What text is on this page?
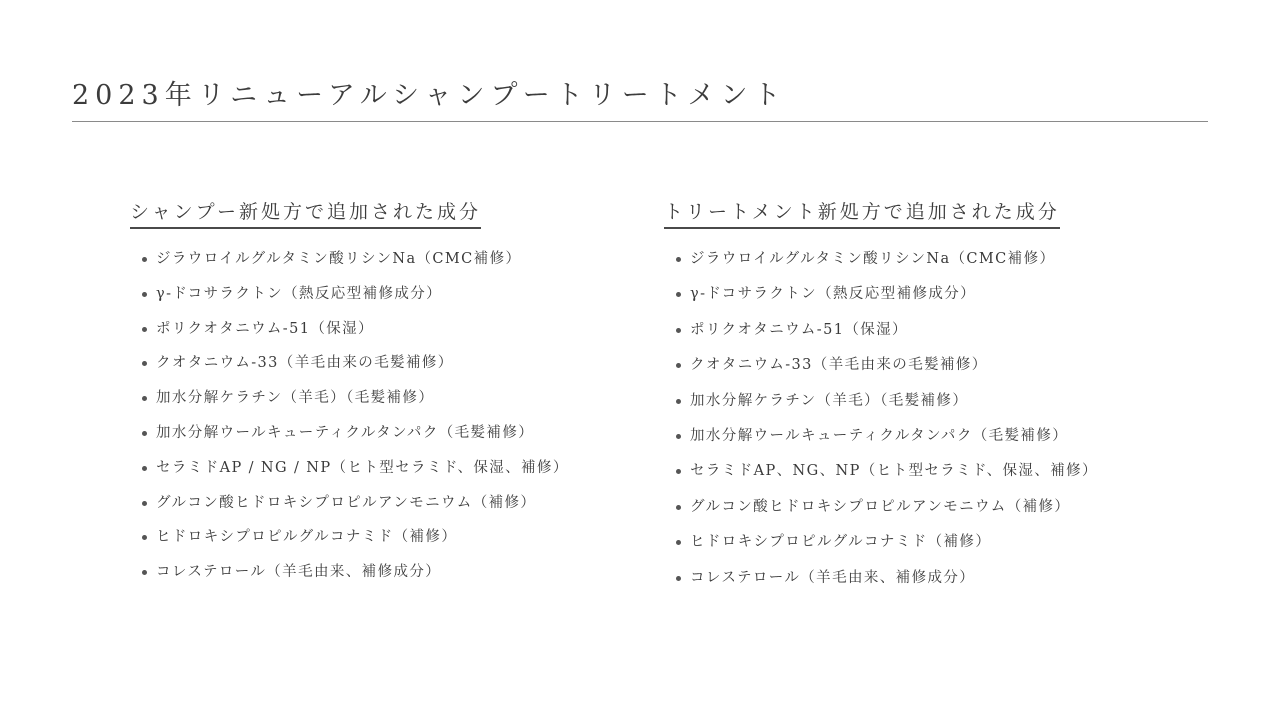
2023年リニューアルシャンプートリートメント
シャンプー新処方で追加された成分
ジラウロイルグルタミン酸リシンNa（CMC補修）
γ-ドコサラクトン（熱反応型補修成分）
ポリクオタニウム-51（保湿）
クオタニウム-33（羊毛由来の毛髪補修）
加水分解ケラチン（羊毛）（毛髪補修）
加水分解ウールキューティクルタンパク（毛髪補修）
セラミドAP / NG / NP（ヒト型セラミド、保湿、補修）
グルコン酸ヒドロキシプロピルアンモニウム（補修）
ヒドロキシプロピルグルコナミド（補修）
コレステロール（羊毛由来、補修成分）
トリートメント新処方で追加された成分
ジラウロイルグルタミン酸リシンNa（CMC補修）
γ-ドコサラクトン（熱反応型補修成分）
ポリクオタニウム-51（保湿）
クオタニウム-33（羊毛由来の毛髪補修）
加水分解ケラチン（羊毛）（毛髪補修）
加水分解ウールキューティクルタンパク（毛髪補修）
セラミドAP、NG、NP（ヒト型セラミド、保湿、補修）
グルコン酸ヒドロキシプロピルアンモニウム（補修）
ヒドロキシプロピルグルコナミド（補修）
コレステロール（羊毛由来、補修成分）
